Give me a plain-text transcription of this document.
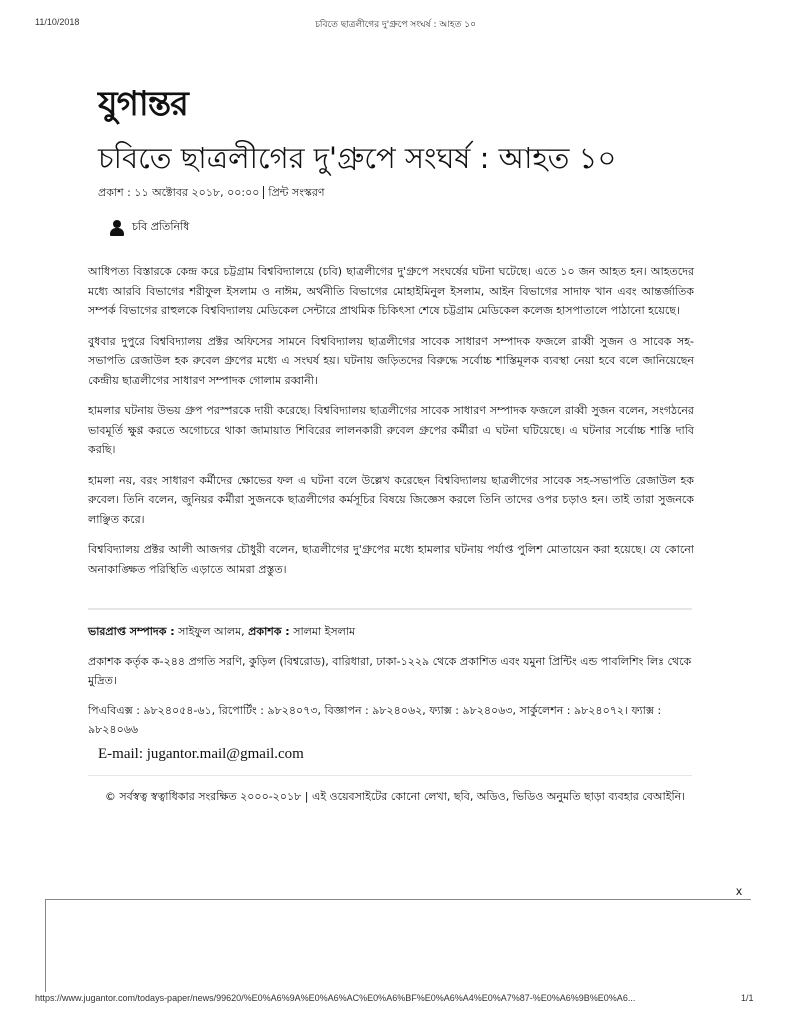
11/10/2018	চবিতে ছাত্রলীগের দু'গ্রুপে সংঘর্ষ : আহত ১০
যুগান্তর
চবিতে ছাত্রলীগের দু'গ্রুপে সংঘর্ষ : আহত ১০
প্রকাশ : ১১ অক্টোবর ২০১৮, ০০:০০ প্রিন্ট সংস্করণ
চবি প্রতিনিধি

আধিপত্য বিস্তারকে কেন্দ্র করে চট্টগ্রাম বিশ্ববিদ্যালয়ে (চবি) ছাত্রলীগের দু'গ্রুপে সংঘর্ষের ঘটনা ঘটেছে। এতে ১০ জন আহত হন। আহতদের মধ্যে আরবি বিভাগের শরীফুল ইসলাম ও নাঈম, অর্থনীতি বিভাগের মোহাইমিনুল ইসলাম, আইন বিভাগের সাদাফ খান এবং আন্তর্জাতিক সম্পর্ক বিভাগের রাহুলকে বিশ্ববিদ্যালয় মেডিকেল সেন্টারে প্রাথমিক চিকিৎসা শেষে চট্টগ্রাম মেডিকেল কলেজ হাসপাতালে পাঠানো হয়েছে।

বুধবার দুপুরে বিশ্ববিদ্যালয় প্রক্টর অফিসের সামনে বিশ্ববিদ্যালয় ছাত্রলীগের সাবেক সাধারণ সম্পাদক ফজলে রাব্বী সুজন ও সাবেক সহ-সভাপতি রেজাউল হক রুবেল গ্রুপের মধ্যে এ সংঘর্ষ হয়। ঘটনায় জড়িতদের বিরুদ্ধে সর্বোচ্চ শাস্তিমূলক ব্যবস্থা নেয়া হবে বলে জানিয়েছেন কেন্দ্রীয় ছাত্রলীগের সাধারণ সম্পাদক গোলাম রব্বানী।

হামলার ঘটনায় উভয় গ্রুপ পরস্পরকে দায়ী করেছে। বিশ্ববিদ্যালয় ছাত্রলীগের সাবেক সাধারণ সম্পাদক ফজলে রাব্বী সুজন বলেন, সংগঠনের ভাবমূর্তি ক্ষুণ্ণ করতে অগোচরে থাকা জামায়াত শিবিরের লালনকারী রুবেল গ্রুপের কর্মীরা এ ঘটনা ঘটিয়েছে। এ ঘটনার সর্বোচ্চ শাস্তি দাবি করছি।

হামলা নয়, বরং সাধারণ কর্মীদের ক্ষোভের ফল এ ঘটনা বলে উল্লেখ করেছেন বিশ্ববিদ্যালয় ছাত্রলীগের সাবেক সহ-সভাপতি রেজাউল হক রুবেল। তিনি বলেন, জুনিয়র কর্মীরা সুজনকে ছাত্রলীগের কর্মসূচির বিষয়ে জিজ্ঞেস করলে তিনি তাদের ওপর চড়াও হন। তাই তারা সুজনকে লাঞ্ছিত করে।

বিশ্ববিদ্যালয় প্রক্টর আলী আজগর চৌধুরী বলেন, ছাত্রলীগের দু'গ্রুপের মধ্যে হামলার ঘটনায় পর্যাপ্ত পুলিশ মোতায়েন করা হয়েছে। যে কোনো অনাকাঙ্ক্ষিত পরিস্থিতি এড়াতে আমরা প্রস্তুত।

ভারপ্রাপ্ত সম্পাদক : সাইফুল আলম, প্রকাশক : সালমা ইসলাম

প্রকাশক কর্তৃক ক-২৪৪ প্রগতি সরণি, কুড়িল (বিশ্বরোড), বারিধারা, ঢাকা-১২২৯ থেকে প্রকাশিত এবং যমুনা প্রিন্টিং এন্ড পাবলিশিং লিঃ থেকে মুদ্রিত।

পিএবিএক্স : ৯৮২৪০৫৪-৬১, রিপোর্টিং : ৯৮২৪০৭৩, বিজ্ঞাপন : ৯৮২৪০৬২, ফ্যাক্স : ৯৮২৪০৬৩, সার্কুলেশন : ৯৮২৪০৭২। ফ্যাক্স : ৯৮২৪০৬৬

E-mail: jugantor.mail@gmail.com
© সর্বস্বত্ব স্বত্বাধিকার সংরক্ষিত ২০০০-২০১৮ | এই ওয়েবসাইটের কোনো লেখা, ছবি, অডিও, ভিডিও অনুমতি ছাড়া ব্যবহার বেআইনি।
x
https://www.jugantor.com/todays-paper/news/99620/%E0%A6%9A%E0%A6%AC%E0%A6%BF%E0%A6%A4%E0%A7%87-%E0%A6%9B%E0%A6...	1/1
